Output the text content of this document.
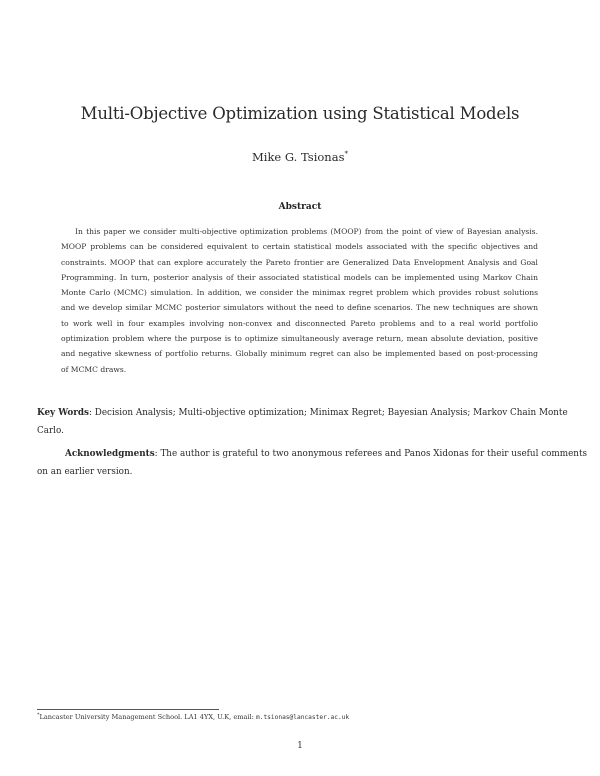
Multi-Objective Optimization using Statistical Models
Mike G. Tsionas*
Abstract
In this paper we consider multi-objective optimization problems (MOOP) from the point of view of Bayesian analysis.
MOOP problems can be considered equivalent to certain statistical models associated with the specific objectives and
constraints. MOOP that can explore accurately the Pareto frontier are Generalized Data Envelopment Analysis and Goal
Programming. In turn, posterior analysis of their associated statistical models can be implemented using Markov Chain
Monte Carlo (MCMC) simulation. In addition, we consider the minimax regret problem which provides robust solutions
and we develop similar MCMC posterior simulators without the need to define scenarios. The new techniques are shown
to work well in four examples involving non-convex and disconnected Pareto problems and to a real world portfolio
optimization problem where the purpose is to optimize simultaneously average return, mean absolute deviation, positive
and negative skewness of portfolio returns. Globally minimum regret can also be implemented based on post-processing
of MCMC draws.
Key Words: Decision Analysis; Multi-objective optimization; Minimax Regret; Bayesian Analysis; Markov Chain Monte
Carlo.
Acknowledgments: The author is grateful to two anonymous referees and Panos Xidonas for their useful comments
on an earlier version.
*Lancaster University Management School. LA1 4YX, U.K, email: m.tsionas@lancaster.ac.uk
1
